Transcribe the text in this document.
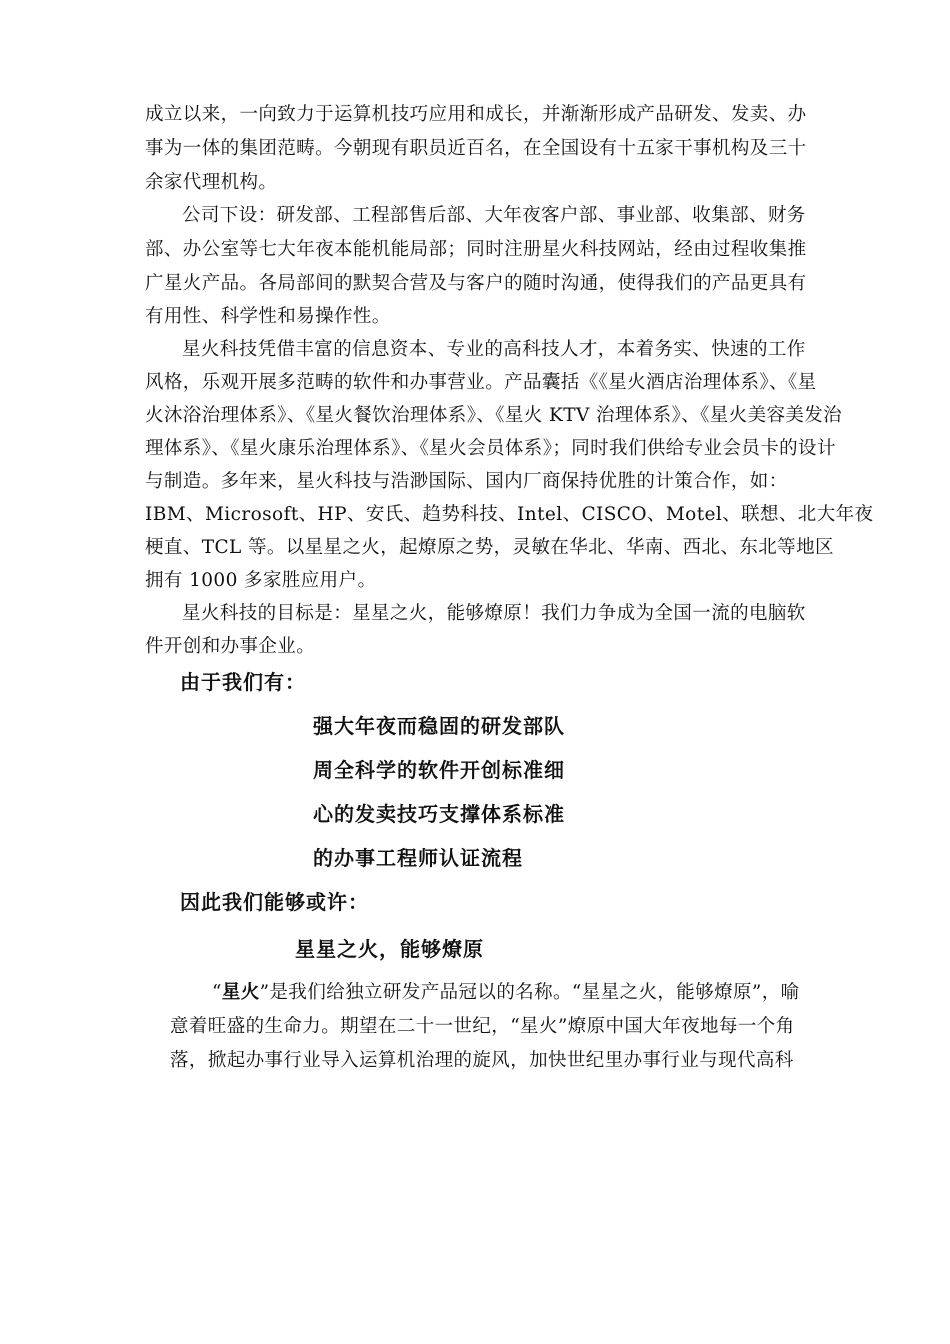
成立以来，一向致力于运算机技巧应用和成长，并渐渐形成产品研发、发卖、办
事为一体的集团范畴。今朝现有职员近百名，在全国设有十五家干事机构及三十
余家代理机构。
公司下设：研发部、工程部售后部、大年夜客户部、事业部、收集部、财务
部、办公室等七大年夜本能机能局部；同时注册星火科技网站，经由过程收集推
广星火产品。各局部间的默契合营及与客户的随时沟通，使得我们的产品更具有
有用性、科学性和易操作性。
星火科技凭借丰富的信息资本、专业的高科技人才，本着务实、快速的工作
风格，乐观开展多范畴的软件和办事营业。产品囊括《《星火酒店治理体系》、《星
火沐浴治理体系》、《星火餐饮治理体系》、《星火 KTV 治理体系》、《星火美容美发治
理体系》、《星火康乐治理体系》、《星火会员体系》；同时我们供给专业会员卡的设计
与制造。多年来，星火科技与浩渺国际、国内厂商保持优胜的计策合作，如：
IBM、Microsoft、HP、安氏、趋势科技、Intel、CISCO、Motel、联想、北大年夜
梗直、TCL 等。以星星之火，起燎原之势，灵敏在华北、华南、西北、东北等地区
拥有 1000 多家胜应用户。
星火科技的目标是：星星之火，能够燎原！我们力争成为全国一流的电脑软
件开创和办事企业。
由于我们有：
强大年夜而稳固的研发部队
周全科学的软件开创标准细
心的发卖技巧支撑体系标准
的办事工程师认证流程
因此我们能够或许：
星星之火，能够燎原
“星火”是我们给独立研发产品冠以的名称。“星星之火，能够燎原”，喻
意着旺盛的生命力。期望在二十一世纪，“星火”燎原中国大年夜地每一个角
落，掀起办事行业导入运算机治理的旋风，加快世纪里办事行业与现代高科
